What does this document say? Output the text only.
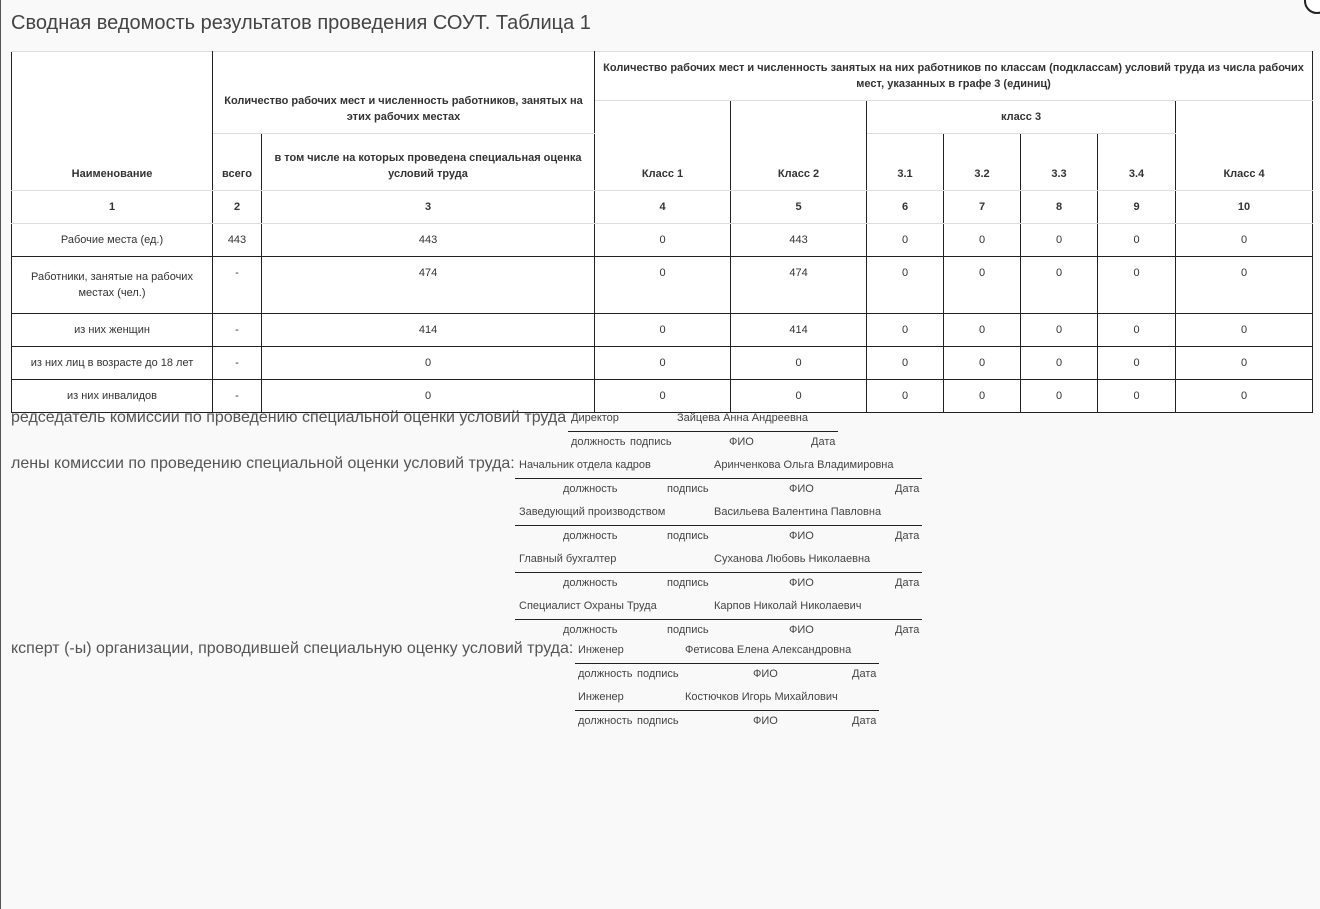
Сводная ведомость результатов проведения СОУТ. Таблица 1
Наименование	Количество рабочих мест и численность работников, занятых на этих рабочих местах		Количество рабочих мест и численность занятых на них работников по классам (подклассам) условий труда из числа рабочих мест, указанных в графе 3 (единиц)						
			Класс 1	Класс 2	класс 3				Класс 4
	всего	в том числе на которых проведена специальная оценка условий труда			3.1	3.2	3.3	3.4	
1	2	3	4	5	6	7	8	9	10
Рабочие места (ед.)	443	443	0	443	0	0	0	0	0
Работники, занятые на рабочих местах (чел.)	-	474	0	474	0	0	0	0	0
из них женщин	-	414	0	414	0	0	0	0	0
из них лиц в возрасте до 18 лет	-	0	0	0	0	0	0	0	0
из них инвалидов	-	0	0	0	0	0	0	0	0
редседатель комиссии по проведению специальной оценки условий труда Директор	Зайцева Анна Андреевна
должность подпись	ФИО	Дата
лены комиссии по проведению специальной оценки условий труда: Начальник отдела кадров	Аринченкова Ольга Владимировна
должность	подпись	ФИО	Дата
Заведующий производством	Васильева Валентина Павловна
должность	подпись	ФИО	Дата
Главный бухгалтер	Суханова Любовь Николаевна
должность	подпись	ФИО	Дата
Специалист Охраны Труда	Карпов Николай Николаевич
должность	подпись	ФИО	Дата
ксперт (-ы) организации, проводившей специальную оценку условий труда: Инженер	Фетисова Елена Александровна
должность подпись	ФИО	Дата
Инженер	Костючков Игорь Михайлович
должность подпись	ФИО	Дата
